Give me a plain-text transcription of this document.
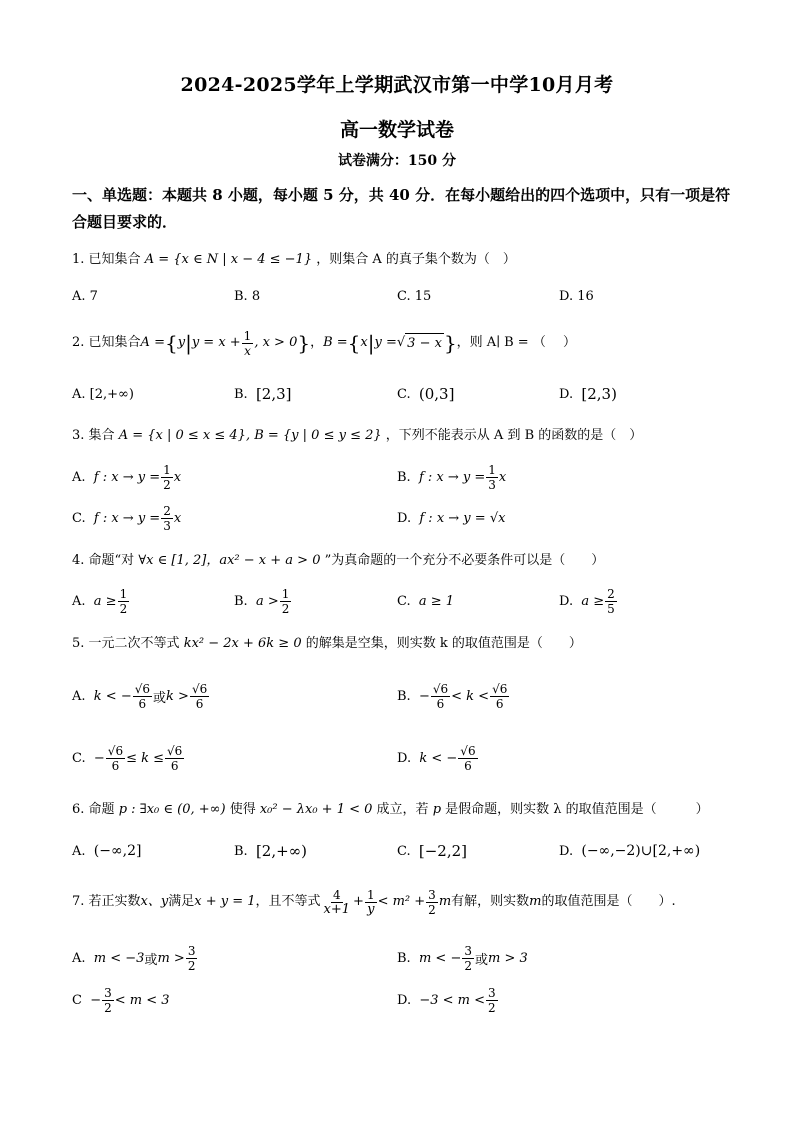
2024-2025学年上学期武汉市第一中学10月月考
高一数学试卷
试卷满分：150 分
一、单选题：本题共 8 小题，每小题 5 分，共 40 分．在每小题给出的四个选项中，只有一项是符合题目要求的．
1. 已知集合 A = {x ∈ N | x − 4 ≤ −1} ，则集合 A 的真子集个数为（　）
A. 7	B. 8	C. 15	D. 16
2. 已知集合 A = { y | $y = x + \frac{1}{x}$ , x > 0 } ， B = { x | y = √ 3 − x } ，则 A∣ B = （　 ）
A.
[2,+∞)	B.
[2,3]	C.
(0,3]	D.
[2,3)
3. 集合 A = {x | 0 ≤ x ≤ 4}, B = {y | 0 ≤ y ≤ 2} ，下列不能表示从 A 到 B 的函数的是（　）
A.
f : $x \to y = \frac{1}{2}$ x	B.
f : $x \to y = \frac{1}{3}$ x
C.
f : $x \to y = \frac{2}{3}$ x	D.
f : x → y =
√x
4. 命题“对 ∀x ∈ [1, 2]，ax² − x + a > 0 ”为真命题的一个充分不必要条件可以是（　　）
A.
$a \ge \frac{1}{2}$	B.
$a > \frac{1}{2}$	C.
a ≥ 1	D.
$a \ge \frac{2}{5}$
5. 一元二次不等式 kx² − 2x + 6k ≥ 0 的解集是空集，则实数 k 的取值范围是（　　）
A.
k < − $\frac{√6}{6}$ 或 $k > \frac{√6}{6}$	B.
− $\frac{√6}{6} < k < \frac{√6}{6}$
C.
− $\frac{√6}{6} \le k \le \frac{√6}{6}$	D.
k < − $\frac{√6}{6}$
6. 命题 p : ∃x₀ ∈ (0, +∞) 使得 x₀² − λx₀ + 1 < 0 成立，若 p 是假命题，则实数 λ 的取值范围是（　　　）
A.
(−∞,2]	B.
[2,+∞)	C.
[−2,2]	D.
(−∞,−2)∪[2,+∞)
7. 若正实数 x、y 满足 x + y = 1 ，且不等式 $\frac{4}{x+1} + \frac{1}{y} < m^2 + \frac{3}{2}$ m 有解，则实数 m 的取值范围是（　　）.
A.
m < −3 或 $m > \frac{3}{2}$	B.
m < − $\frac{3}{2}$ 或 m > 3
C
− $\frac{3}{2} < m < 3$	D.
$-3 < m < \frac{3}{2}$
